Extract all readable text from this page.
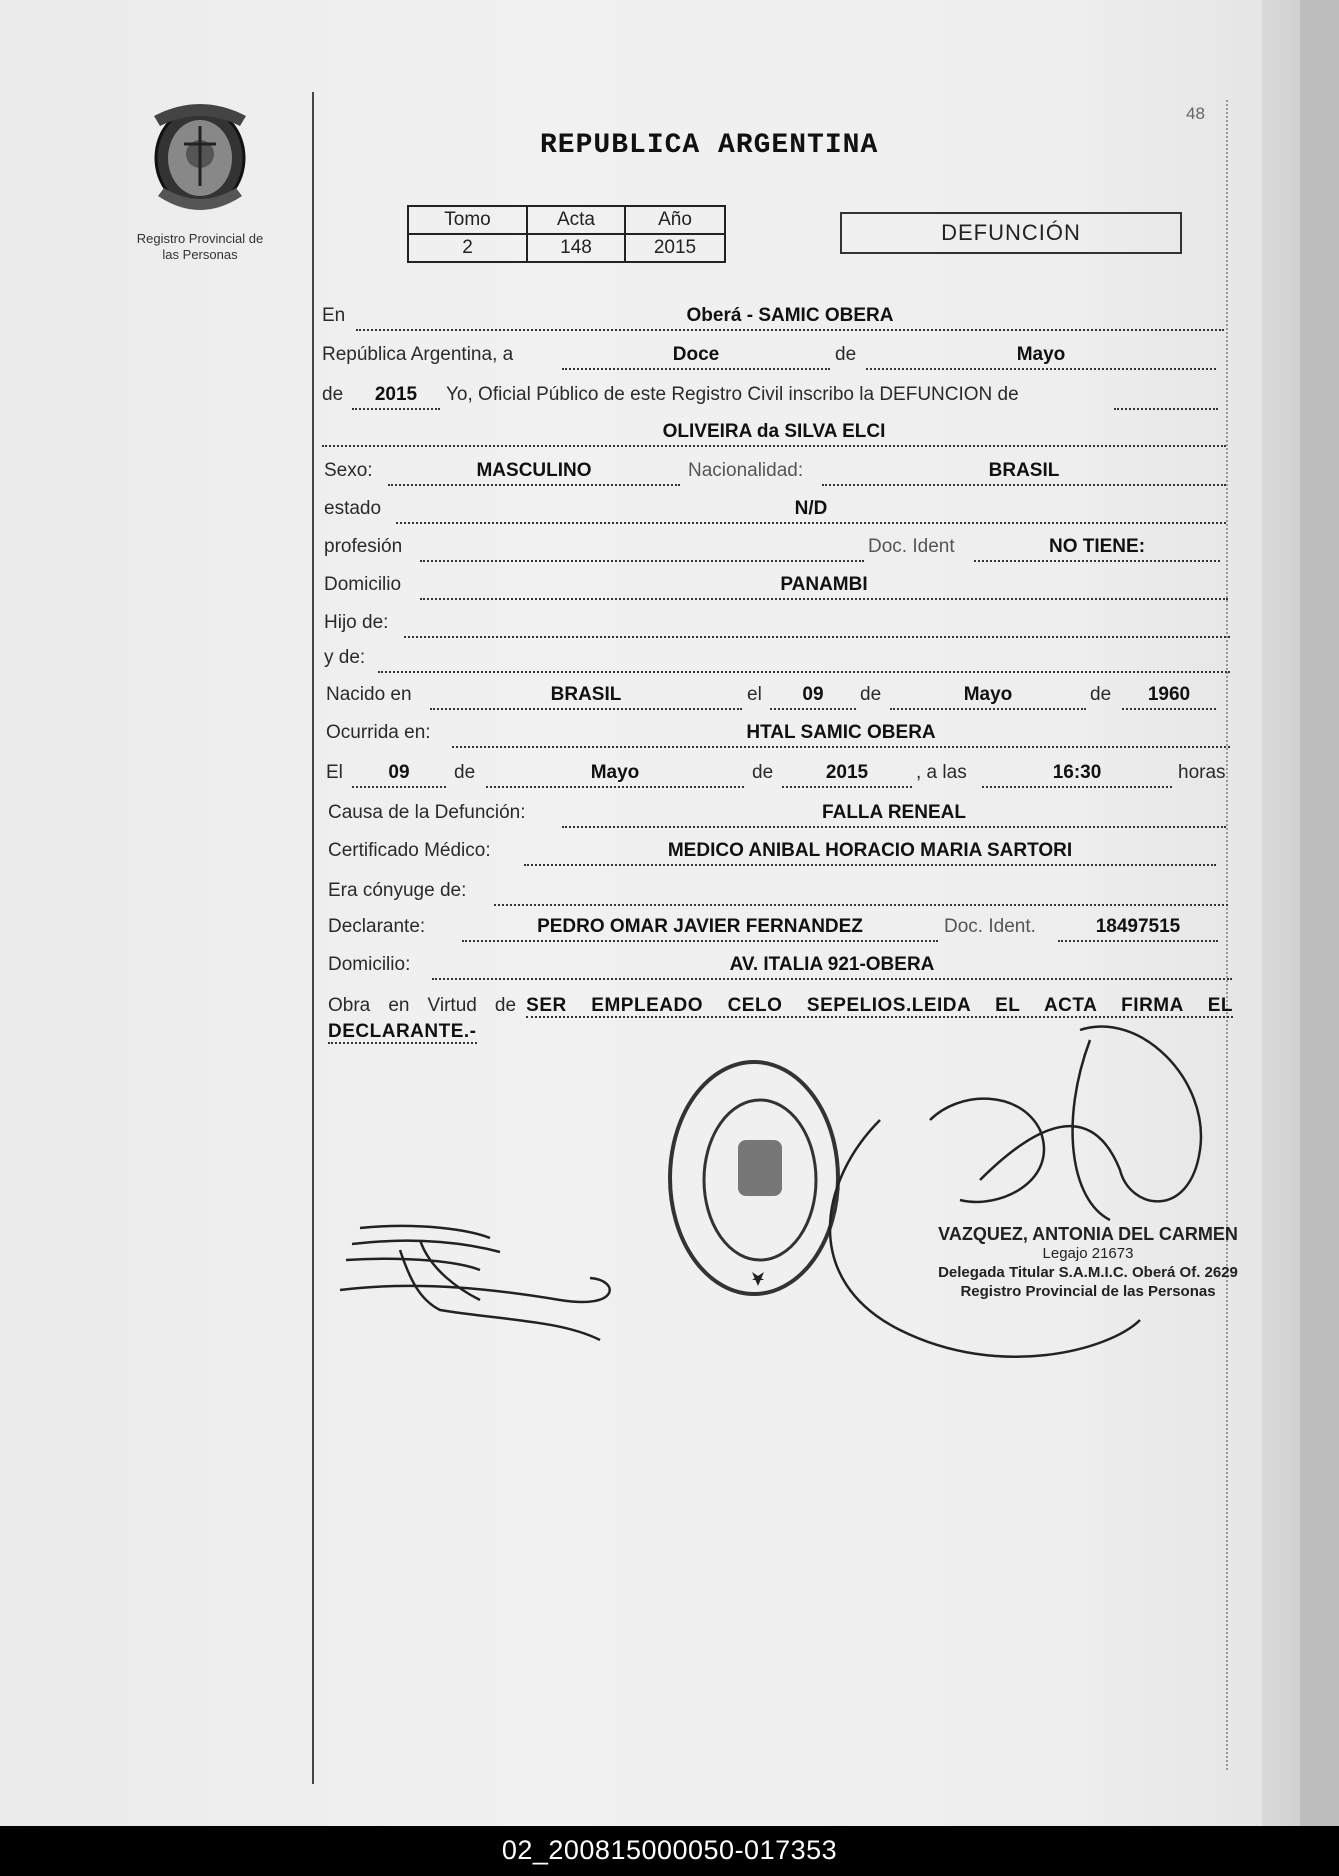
48
Registro Provincial de
las Personas
REPUBLICA ARGENTINA
Tomo	Acta	Año
2	148	2015
DEFUNCIÓN
En	Oberá - SAMIC OBERA
República Argentina, a	Doce	de	Mayo
de	2015	Yo, Oficial Público de este Registro Civil inscribo la DEFUNCION de
OLIVEIRA da SILVA ELCI
Sexo:	MASCULINO	Nacionalidad:	BRASIL
estado	N/D
profesión	Doc. Ident	NO TIENE:
Domicilio	PANAMBI
Hijo de:
y de:
Nacido en	BRASIL	el	09	de	Mayo	de	1960
Ocurrida en:	HTAL SAMIC OBERA
El	09	de	Mayo	de	2015	, a las	16:30	horas
Causa de la Defunción:	FALLA RENEAL
Certificado Médico:	MEDICO ANIBAL HORACIO MARIA SARTORI
Era cónyuge de:
Declarante:	PEDRO OMAR JAVIER FERNANDEZ	Doc. Ident.	18497515
Domicilio:	AV. ITALIA 921-OBERA
Obra en Virtud de SER EMPLEADO CELO SEPELIOS.LEIDA EL ACTA FIRMA EL DECLARANTE.-
VAZQUEZ, ANTONIA DEL CARMEN
Legajo 21673
Delegada Titular S.A.M.I.C. Oberá Of. 2629
Registro Provincial de las Personas
02_200815000050-017353
